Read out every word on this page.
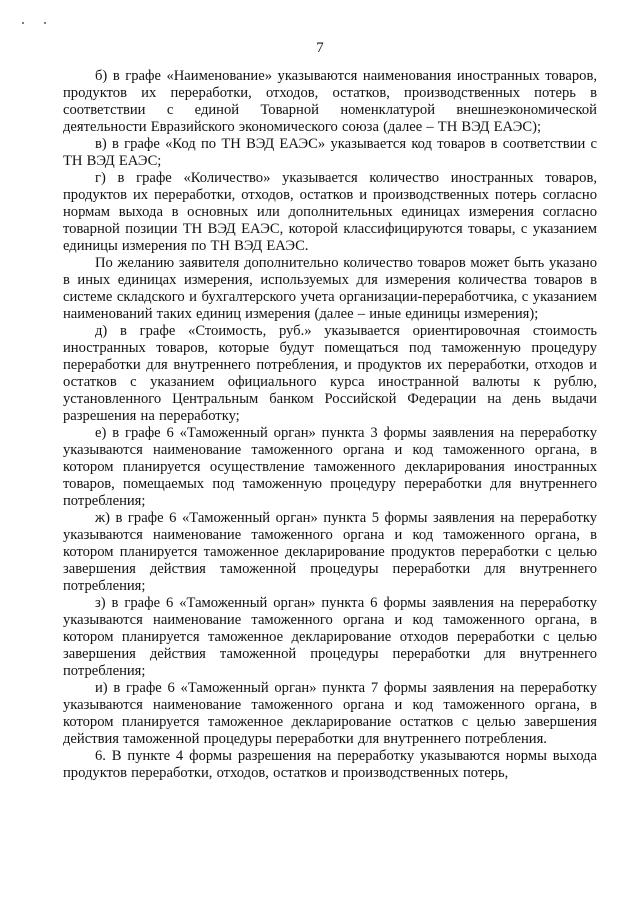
7

б) в графе «Наименование» указываются наименования иностранных товаров, продуктов их переработки, отходов, остатков, производственных потерь в соответствии с единой Товарной номенклатурой внешнеэкономической деятельности Евразийского экономического союза (далее – ТН ВЭД ЕАЭС);

в) в графе «Код по ТН ВЭД ЕАЭС» указывается код товаров в соответствии с ТН ВЭД ЕАЭС;

г) в графе «Количество» указывается количество иностранных товаров, продуктов их переработки, отходов, остатков и производственных потерь согласно нормам выхода в основных или дополнительных единицах измерения согласно товарной позиции ТН ВЭД ЕАЭС, которой классифицируются товары, с указанием единицы измерения по ТН ВЭД ЕАЭС.

По желанию заявителя дополнительно количество товаров может быть указано в иных единицах измерения, используемых для измерения количества товаров в системе складского и бухгалтерского учета организации-переработчика, с указанием наименований таких единиц измерения (далее – иные единицы измерения);

д) в графе «Стоимость, руб.» указывается ориентировочная стоимость иностранных товаров, которые будут помещаться под таможенную процедуру переработки для внутреннего потребления, и продуктов их переработки, отходов и остатков с указанием официального курса иностранной валюты к рублю, установленного Центральным банком Российской Федерации на день выдачи разрешения на переработку;

е) в графе 6 «Таможенный орган» пункта 3 формы заявления на переработку указываются наименование таможенного органа и код таможенного органа, в котором планируется осуществление таможенного декларирования иностранных товаров, помещаемых под таможенную процедуру переработки для внутреннего потребления;

ж) в графе 6 «Таможенный орган» пункта 5 формы заявления на переработку указываются наименование таможенного органа и код таможенного органа, в котором планируется таможенное декларирование продуктов переработки с целью завершения действия таможенной процедуры переработки для внутреннего потребления;

з) в графе 6 «Таможенный орган» пункта 6 формы заявления на переработку указываются наименование таможенного органа и код таможенного органа, в котором планируется таможенное декларирование отходов переработки с целью завершения действия таможенной процедуры переработки для внутреннего потребления;

и) в графе 6 «Таможенный орган» пункта 7 формы заявления на переработку указываются наименование таможенного органа и код таможенного органа, в котором планируется таможенное декларирование остатков с целью завершения действия таможенной процедуры переработки для внутреннего потребления.

6. В пункте 4 формы разрешения на переработку указываются нормы выхода продуктов переработки, отходов, остатков и производственных потерь,
